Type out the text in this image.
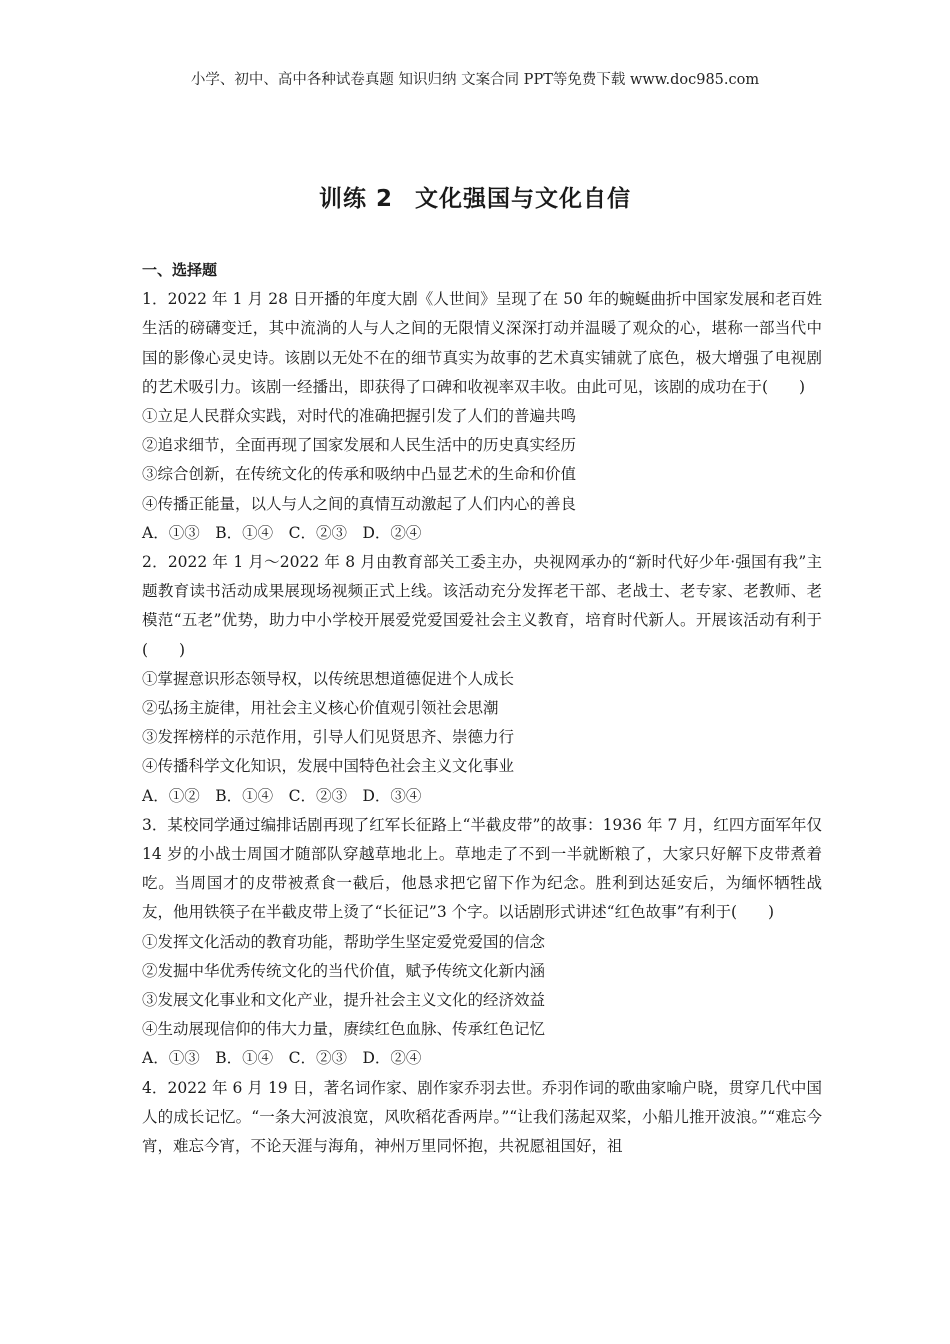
小学、初中、高中各种试卷真题 知识归纳 文案合同 PPT等免费下载 www.doc985.com
训练 2 文化强国与文化自信
一、选择题
1．2022 年 1 月 28 日开播的年度大剧《人世间》呈现了在 50 年的蜿蜒曲折中国家发展和老百姓生活的磅礴变迁，其中流淌的人与人之间的无限情义深深打动并温暖了观众的心，堪称一部当代中国的影像心灵史诗。该剧以无处不在的细节真实为故事的艺术真实铺就了底色，极大增强了电视剧的艺术吸引力。该剧一经播出，即获得了口碑和收视率双丰收。由此可见，该剧的成功在于(　　)
①立足人民群众实践，对时代的准确把握引发了人们的普遍共鸣
②追求细节，全面再现了国家发展和人民生活中的历史真实经历
③综合创新，在传统文化的传承和吸纳中凸显艺术的生命和价值
④传播正能量，以人与人之间的真情互动激起了人们内心的善良
A．①③　B．①④　C．②③　D．②④
2．2022 年 1 月～2022 年 8 月由教育部关工委主办，央视网承办的“新时代好少年·强国有我”主题教育读书活动成果展现场视频正式上线。该活动充分发挥老干部、老战士、老专家、老教师、老模范“五老”优势，助力中小学校开展爱党爱国爱社会主义教育，培育时代新人。开展该活动有利于(　　)
①掌握意识形态领导权，以传统思想道德促进个人成长
②弘扬主旋律，用社会主义核心价值观引领社会思潮
③发挥榜样的示范作用，引导人们见贤思齐、崇德力行
④传播科学文化知识，发展中国特色社会主义文化事业
A．①②　B．①④　C．②③　D．③④
3．某校同学通过编排话剧再现了红军长征路上“半截皮带”的故事：1936 年 7 月，红四方面军年仅 14 岁的小战士周国才随部队穿越草地北上。草地走了不到一半就断粮了，大家只好解下皮带煮着吃。当周国才的皮带被煮食一截后，他恳求把它留下作为纪念。胜利到达延安后，为缅怀牺牲战友，他用铁筷子在半截皮带上烫了“长征记”3 个字。以话剧形式讲述“红色故事”有利于(　　)
①发挥文化活动的教育功能，帮助学生坚定爱党爱国的信念
②发掘中华优秀传统文化的当代价值，赋予传统文化新内涵
③发展文化事业和文化产业，提升社会主义文化的经济效益
④生动展现信仰的伟大力量，赓续红色血脉、传承红色记忆
A．①③　B．①④　C．②③　D．②④
4．2022 年 6 月 19 日，著名词作家、剧作家乔羽去世。乔羽作词的歌曲家喻户晓，贯穿几代中国人的成长记忆。“一条大河波浪宽，风吹稻花香两岸。”“让我们荡起双桨，小船儿推开波浪。”“难忘今宵，难忘今宵，不论天涯与海角，神州万里同怀抱，共祝愿祖国好，祖
